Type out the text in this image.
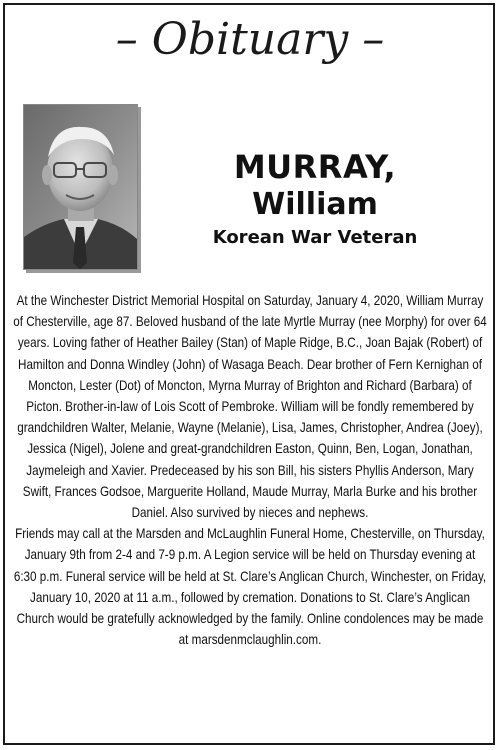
– Obituary –
MURRAY,
William
Korean War Veteran

At the Winchester District Memorial Hospital on Saturday, January 4, 2020, William Murray of Chesterville, age 87. Beloved husband of the late Myrtle Murray (nee Morphy) for over 64 years. Loving father of Heather Bailey (Stan) of Maple Ridge, B.C., Joan Bajak (Robert) of Hamilton and Donna Windley (John) of Wasaga Beach. Dear brother of Fern Kernighan of Moncton, Lester (Dot) of Moncton, Myrna Murray of Brighton and Richard (Barbara) of Picton. Brother-in-law of Lois Scott of Pembroke. William will be fondly remembered by grandchildren Walter, Melanie, Wayne (Melanie), Lisa, James, Christopher, Andrea (Joey), Jessica (Nigel), Jolene and great-grandchildren Easton, Quinn, Ben, Logan, Jonathan, Jaymeleigh and Xavier. Predeceased by his son Bill, his sisters Phyllis Anderson, Mary Swift, Frances Godsoe, Marguerite Holland, Maude Murray, Marla Burke and his brother Daniel. Also survived by nieces and nephews.

Friends may call at the Marsden and McLaughlin Funeral Home, Chesterville, on Thursday, January 9th from 2-4 and 7-9 p.m. A Legion service will be held on Thursday evening at 6:30 p.m. Funeral service will be held at St. Clare’s Anglican Church, Winchester, on Friday, January 10, 2020 at 11 a.m., followed by cremation. Donations to St. Clare’s Anglican Church would be gratefully acknowledged by the family. Online condolences may be made at marsdenmclaughlin.com.
